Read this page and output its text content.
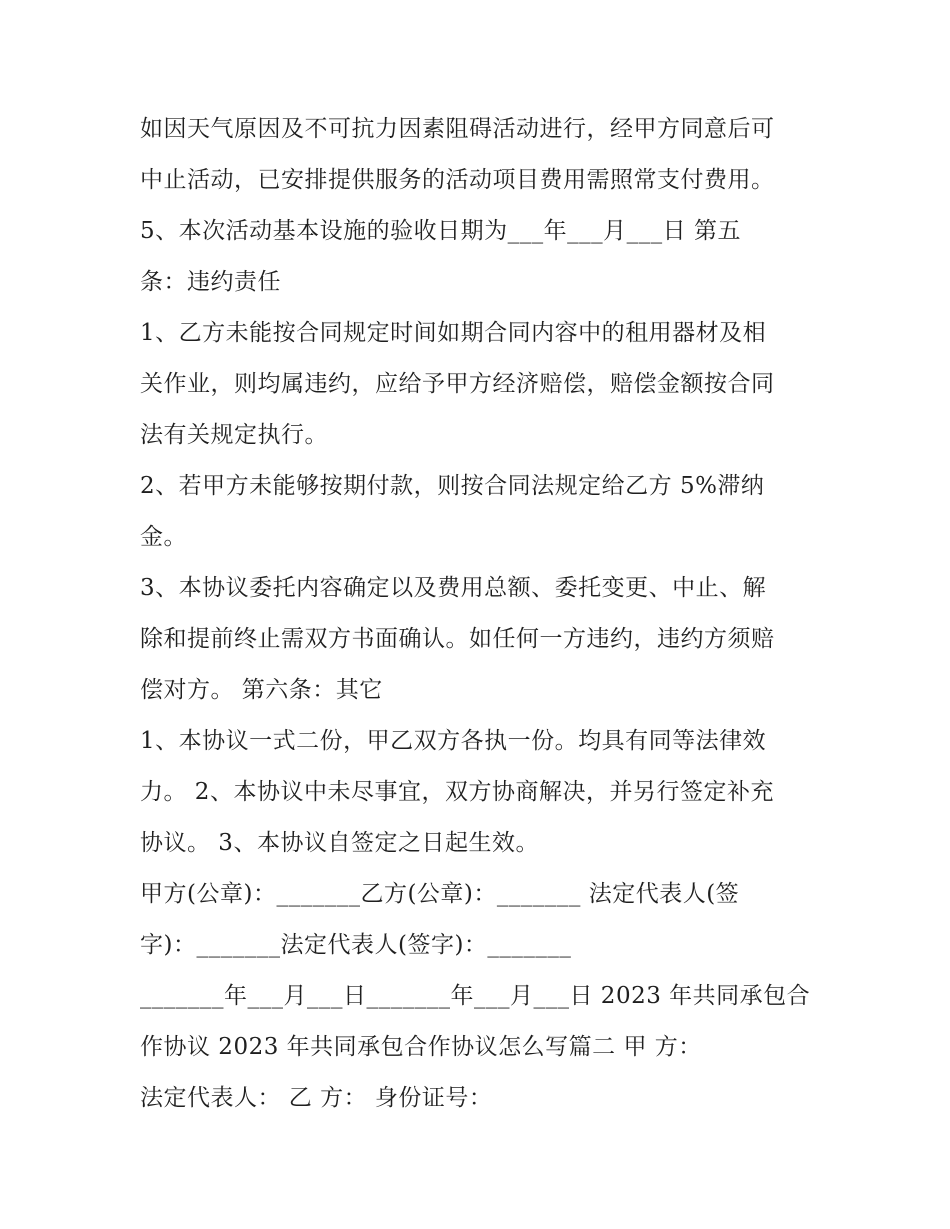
如因天气原因及不可抗力因素阻碍活动进行，经甲方同意后可
中止活动，已安排提供服务的活动项目费用需照常支付费用。
5、本次活动基本设施的验收日期为___年___月___日 第五
条：违约责任
1、乙方未能按合同规定时间如期合同内容中的租用器材及相
关作业，则均属违约，应给予甲方经济赔偿，赔偿金额按合同
法有关规定执行。
2、若甲方未能够按期付款，则按合同法规定给乙方 5%滞纳
金。
3、本协议委托内容确定以及费用总额、委托变更、中止、解
除和提前终止需双方书面确认。如任何一方违约，违约方须赔
偿对方。 第六条：其它
1、本协议一式二份，甲乙双方各执一份。均具有同等法律效
力。 2、本协议中未尽事宜，双方协商解决，并另行签定补充
协议。 3、本协议自签定之日起生效。
甲方(公章)：_______乙方(公章)：_______ 法定代表人(签
字)：_______法定代表人(签字)：_______
_______年___月___日_______年___月___日 2023 年共同承包合
作协议 2023 年共同承包合作协议怎么写篇二 甲 方：
法定代表人： 乙 方： 身份证号：
